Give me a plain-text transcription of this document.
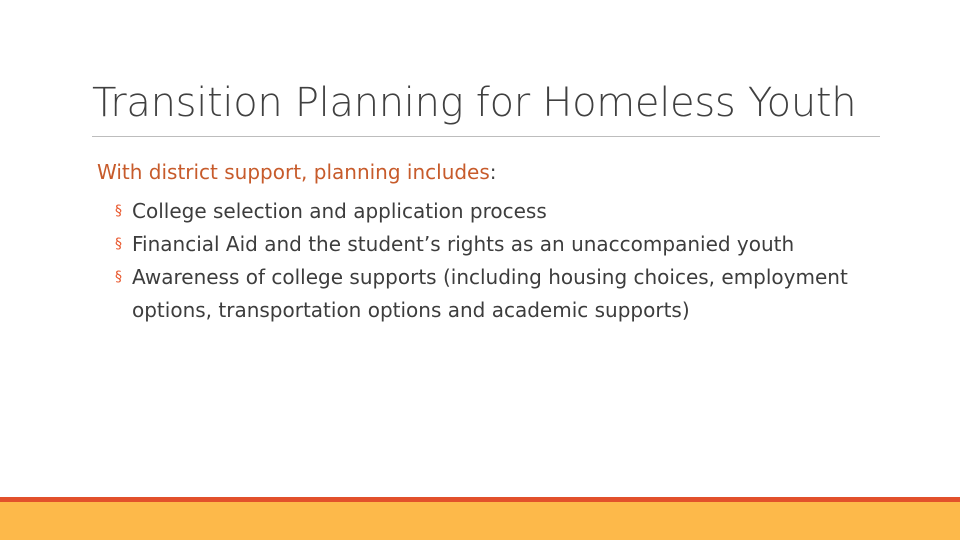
Transition Planning for Homeless Youth
With district support, planning includes:
§ College selection and application process
§ Financial Aid and the student’s rights as an unaccompanied youth
§ Awareness of college supports (including housing choices, employment options, transportation options and academic supports)
